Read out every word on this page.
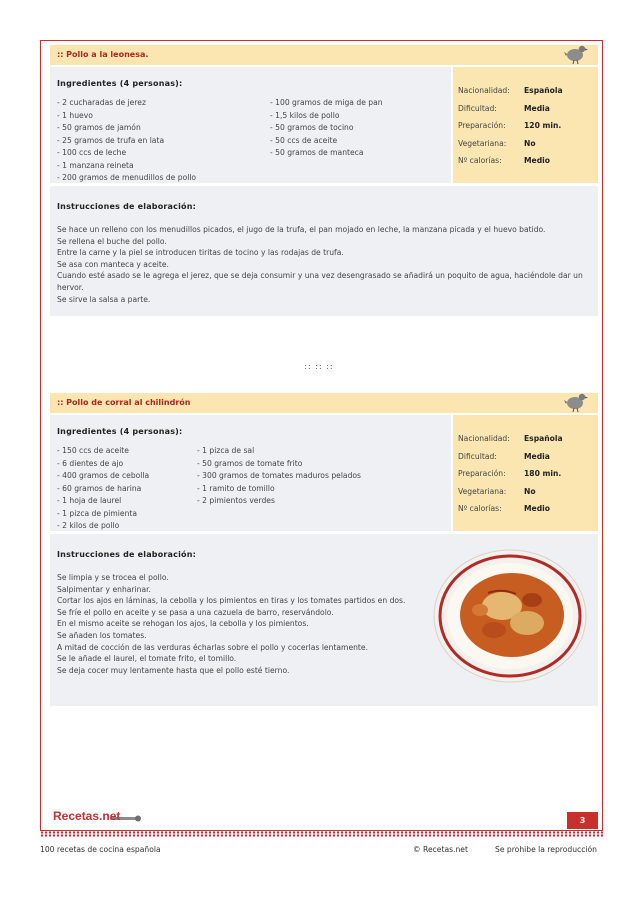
:: Pollo a la leonesa.
Ingredientes (4 personas):
- 2 cucharadas de jerez
- 1 huevo
- 50 gramos de jamón
- 25 gramos de trufa en lata
- 100 ccs de leche
- 1 manzana reineta
- 200 gramos de menudillos de pollo
- 100 gramos de miga de pan
- 1,5 kilos de pollo
- 50 gramos de tocino
- 50 ccs de aceite
- 50 gramos de manteca
Nacionalidad: Española
Dificultad:	Media
Preparación: 120 min.
Vegetariana: No
Nº calorías:	Medio
Instrucciones de elaboración:
Se hace un relleno con los menudillos picados, el jugo de la trufa, el pan mojado en leche, la manzana picada y el huevo batido.
Se rellena el buche del pollo.
Entre la carne y la piel se introducen tiritas de tocino y las rodajas de trufa.
Se asa con manteca y aceite.
Cuando esté asado se le agrega el jerez, que se deja consumir y una vez desengrasado se añadirá un poquito de agua, haciéndole dar un hervor.
Se sirve la salsa a parte.
:: :: ::
:: Pollo de corral al chilindrón
Ingredientes (4 personas):
- 150 ccs de aceite
- 6 dientes de ajo
- 400 gramos de cebolla
- 60 gramos de harina
- 1 hoja de laurel
- 1 pizca de pimienta
- 2 kilos de pollo
- 1 pizca de sal
- 50 gramos de tomate frito
- 300 gramos de tomates maduros pelados
- 1 ramito de tomillo
- 2 pimientos verdes
Nacionalidad: Española
Dificultad:	Media
Preparación: 180 min.
Vegetariana: No
Nº calorías:	Medio
Instrucciones de elaboración:
Se limpia y se trocea el pollo.
Salpimentar y enharinar.
Cortar los ajos en láminas, la cebolla y los pimientos en tiras y los tomates partidos en dos.
Se fríe el pollo en aceite y se pasa a una cazuela de barro, reservándolo.
En el mismo aceite se rehogan los ajos, la cebolla y los pimientos.
Se añaden los tomates.
A mitad de cocción de las verduras écharlas sobre el pollo y cocerlas lentamente.
Se le añade el laurel, el tomate frito, el tomillo.
Se deja cocer muy lentamente hasta que el pollo esté tierno.
Recetas.net	3
100 recetas de cocina española	© Recetas.net	Se prohibe la reproducción
